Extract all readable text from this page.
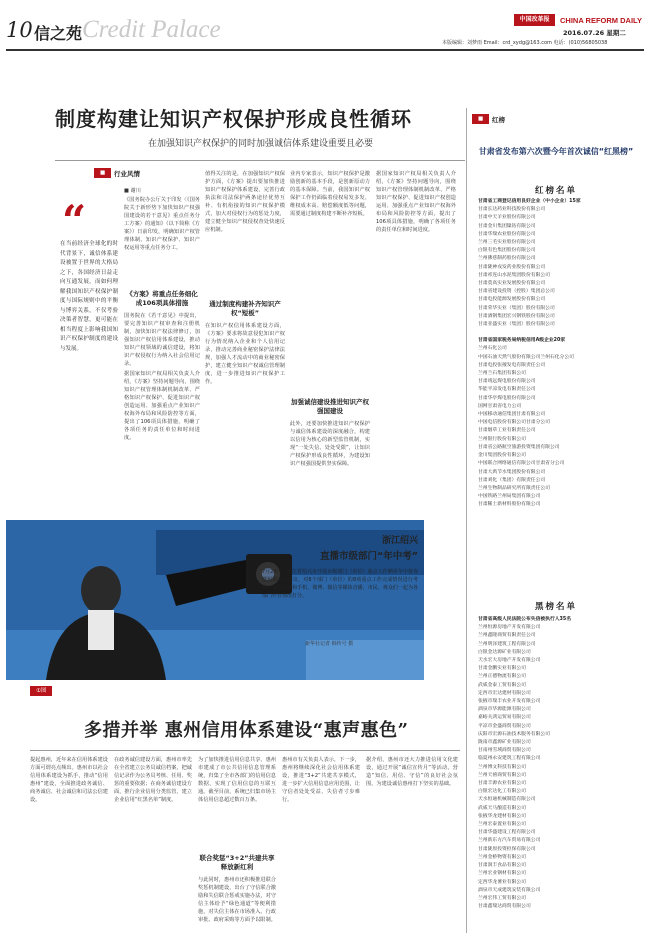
10 信之苑 Credit Palace	中国改革报	CHINA REFORM DAILY
2016.07.26 星期二
本版编辑：刘梦雨 Email：crd_xydg@163.com 电话：(010)56805038
制度构建让知识产权保护形成良性循环
在加强知识产权保护的同时加强诚信体系建设重要且必要
■	行业风情
“
在当前经济全球化的时代背景下，诚信体系建设被置于世界的大格局之下，各国经济日益走向互通发展，而如何理解我国知识产权保护制度与国际规则中的平衡与博弈关系，不仅考验决策者智慧，更可能在相当程度上影响我国知识产权保护制度的建设与发展。
■ 谢川
《国务院办公厅关于印发〈《国务院关于新形势下加快知识产权强国建设的若干意见》重点任务分工方案〉的通知》（以下简称《方案》）日前印发，明确知识产权管理体制、知识产权保护、知识产权运用等重点任务分工。
《方案》将重点任务细化成106项具体措施
国务院在《若干意见》中提出，要完善知识产权审查和注册机制，加快知识产权法律修订，加强知识产权信用体系建设，推动知识产权领域的诚信建设，将知识产权侵权行为纳入社会信用记录。
据国家知识产权局相关负责人介绍，《方案》坚持问题导向，围绕知识产权管理体制机制改革、严格知识产权保护、促进知识产权创造运用、加强重点产业知识产权海外布局和风险防控等方面，提出了106项具体措施，明确了各项任务的责任单位和时间进度。
值得关注的是，在加强知识产权保护方面，《方案》提出要加快推进知识产权保护体系建设，完善行政执法和司法保护两条途径优势互补、有机衔接的知识产权保护模式，加大对侵权行为的惩处力度，建立健全知识产权侵权查处快速反应机制。
通过制度构建补齐知识产权“短板”
在知识产权信用体系建设方面，《方案》要求将故意侵犯知识产权行为情况纳入企业和个人信用记录，推动完善商业秘密保护法律法规，加强人才流动中的商业秘密保护，建立健全知识产权诚信管理制度，进一步推进知识产权保护工作。
业内专家表示，知识产权保护是激励创新的基本手段，是创新原动力的基本保障。当前，我国知识产权保护工作仍面临着侵权易发多发、维权成本高、赔偿额度低等问题，需要通过制度构建不断补齐短板。
加强诚信建设推进知识产权强国建设
此外，还要加快推进知识产权保护与诚信体系建设的深度融合，构建以信用为核心的新型监管机制，实现“一处失信、处处受限”，让知识产权保护形成良性循环，为建设知识产权强国提供坚实保障。
据国家知识产权局相关负责人介绍，《方案》坚持问题导向，围绕知识产权管理体制机制改革、严格知识产权保护、促进知识产权创造运用、加强重点产业知识产权海外布局和风险防控等方面，提出了106项具体措施，明确了各项任务的责任单位和时间进度。
■	红榜
甘肃省发布第六次暨今年首次诚信“红黑榜”
红榜名单
甘肃省工商登记信用良好企业（中小企业）15家
甘肃长达药业科技股份有限公司
甘肃中天羊业股份有限公司
甘肃金川集团镍钴有限公司
甘肃华瑞农业股份有限公司
兰州三毛实业股份有限公司
白银有色集团股份有限公司
兰州佛慈制药股份有限公司
甘肃陇神戎发药业股份有限公司
甘肃祁连山水泥集团股份有限公司
甘肃莫高实业发展股份有限公司
甘肃省建设投资（控股）集团总公司
甘肃电投能源发展股份有限公司
甘肃荣华实业（集团）股份有限公司
甘肃酒钢集团宏兴钢铁股份有限公司
甘肃亚盛实业（集团）股份有限公司
甘肃省国家税务局纳税信用A级企业20家
兰州石化公司
中国石油天然气股份有限公司兰州石化分公司
甘肃电投张掖发电有限责任公司
兰州兰石集团有限公司
甘肃靖远煤电股份有限公司
华能平凉发电有限责任公司
甘肃华亭煤电股份有限公司
国网甘肃省电力公司
中国移动通信集团甘肃有限公司
中国电信股份有限公司甘肃分公司
甘肃烟草工业有限责任公司
兰州银行股份有限公司
甘肃省公路航空旅游投资集团有限公司
金川集团股份有限公司
中国联合网络通信有限公司甘肃省分公司
甘肃大禹节水集团股份有限公司
甘肃刘化（集团）有限责任公司
兰州生物制品研究所有限责任公司
中国铁路兰州局集团有限公司
甘肃稀土新材料股份有限公司
黑榜名单
甘肃省高级人民法院公布失信被执行人35名
兰州恒源房地产开发有限公司
兰州鑫隆商贸有限责任公司
兰州明泽建筑工程有限公司
白银金达源矿业有限公司
天水宏大房地产开发有限公司
甘肃金鹏实业有限公司
兰州正德物流有限公司
武威金泰工贸有限公司
定西市宏达建材有限公司
张掖市瑞丰农业开发有限公司
酒泉市华源能源有限公司
嘉峪关鸿运贸易有限公司
平凉市金盛商贸有限公司
庆阳市宏源石油技术服务有限公司
陇南市鑫源矿业有限公司
甘南州雪域商贸有限公司
临夏州永安建筑工程有限公司
兰州博文科技有限公司
兰州天禧商贸有限公司
甘肃丰源农业有限公司
白银宏达化工有限公司
天水恒通机械制造有限公司
武威天马酿造有限公司
张掖华龙建材有限公司
兰州宏泰置业有限公司
甘肃华盛建设工程有限公司
兰州新东方汽车贸易有限公司
甘肃陇原投资担保有限公司
兰州金桥物资有限公司
甘肃润丰食品有限公司
兰州宏业钢材有限公司
定西华龙薯业有限公司
酒泉市天成建筑安装有限公司
兰州宏伟工贸有限公司
甘肃鑫瑞达商贸有限公司
浙江绍兴
直播市级部门“年中考”
7月24日，浙江省绍兴市开展市级部门（单位）重点工作晒单年中督查暨履职电视评议，对8个部门（单位）的8项重点工作完成情况进行考评，通过电视和手机、微博、微信等媒体直播，市民、观众们一起为各部门作答情况打分。
新华社记者 韩传号 摄
①图
多措并举 惠州信用体系建设“惠声惠色”
提起惠州，近年来在信用体系建设方面可谓亮点频出。惠州市以社会信用体系建设为抓手，推动“信用惠州”建设，全面推进政务诚信、商务诚信、社会诚信和司法公信建设。
在政务诚信建设方面，惠州市率先在全省建立公务员诚信档案，把诚信记录作为公务员考核、任用、奖惩的重要依据；在商务诚信建设方面，推行企业信用分类监管，建立企业信用“红黑名单”制度。
为了加快推进信用信息共享，惠州市建成了市公共信用信息管理系统，归集了全市各部门的信用信息数据，实现了信用信息的互联互通。截至目前，系统已归集市场主体信用信息超过数百万条。
联合奖惩“3+2”共建共享释放新红利
与此同时，惠州市还积极推进联合奖惩机制建设，出台了守信联合激励和失信联合惩戒实施办法，对守信主体给予“绿色通道”等便利措施，对失信主体在市场准入、行政审批、政府采购等方面予以限制。
惠州市有关负责人表示，下一步，惠州将继续深化社会信用体系建设，推进“3+2”共建共享模式，进一步扩大信用信息应用范围，让守信者处处受益、失信者寸步难行。
据介绍，惠州市还大力推进信用文化建设，通过开展“诚信宣传月”等活动，营造“知信、用信、守信”的良好社会氛围，为建设诚信惠州打下坚实的基础。
